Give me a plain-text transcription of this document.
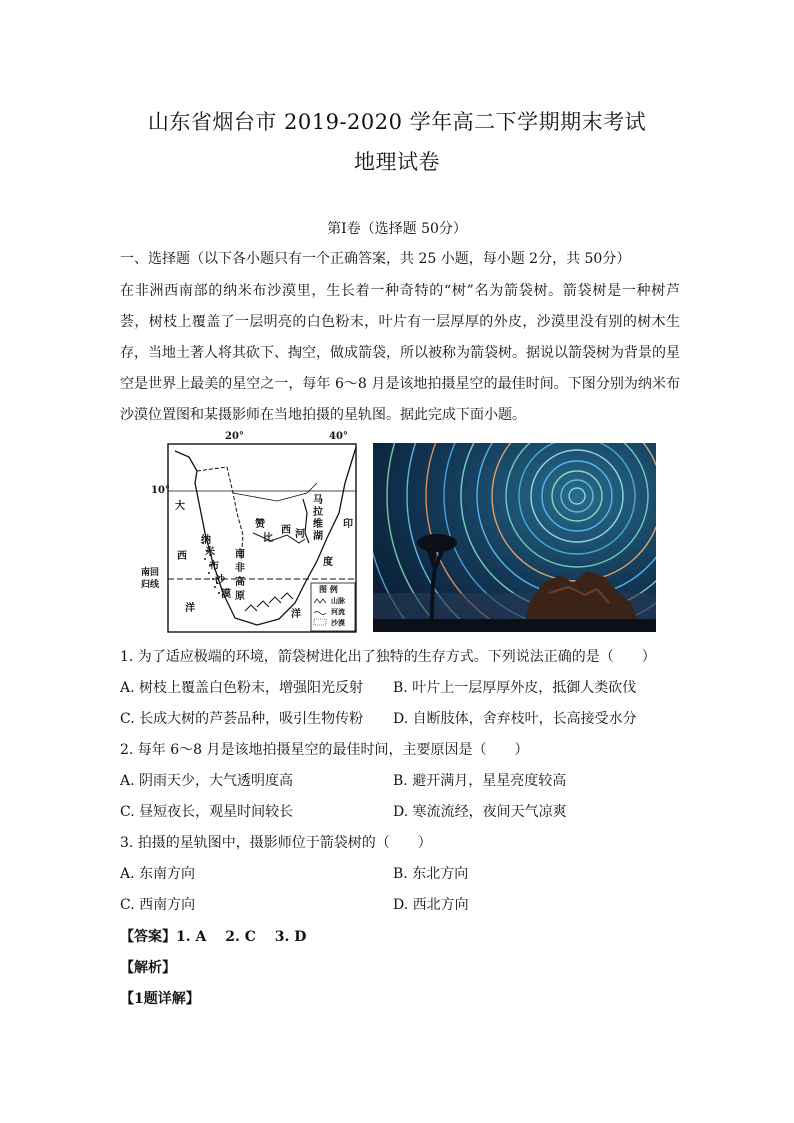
山东省烟台市 2019-2020 学年高二下学期期末考试
地理试卷
第Ⅰ卷（选择题 50分）
一、选择题（以下各小题只有一个正确答案，共 25 小题，每小题 2分，共 50分）
在非洲西南部的纳米布沙漠里，生长着一种奇特的“树”名为箭袋树。箭袋树是一种树芦荟，树枝上覆盖了一层明亮的白色粉末，叶片有一层厚厚的外皮，沙漠里没有别的树木生存，当地土著人将其砍下、掏空，做成箭袋，所以被称为箭袋树。据说以箭袋树为背景的星空是世界上最美的星空之一，每年 6～8 月是该地拍摄星空的最佳时间。下图分别为纳米布沙漠位置图和某摄影师在当地拍摄的星轨图。据此完成下面小题。
20°	40°
10°
南回
归线
大
西
洋
印
度
洋
纳
米
布
沙
漠
南
非
高
原
赞
比
西 河
马
拉
维
湖
图 例
山脉
河流
沙漠
1. 为了适应极端的环境，箭袋树进化出了独特的生存方式。下列说法正确的是（　　）
A. 树枝上覆盖白色粉末，增强阳光反射 B. 叶片上一层厚厚外皮，抵御人类砍伐
C. 长成大树的芦荟品种，吸引生物传粉 D. 自断肢体，舍弃枝叶，长高接受水分
2. 每年 6～8 月是该地拍摄星空的最佳时间，主要原因是（　　）
A. 阴雨天少，大气透明度高	B. 避开满月，星星亮度较高
C. 昼短夜长，观星时间较长	D. 寒流流经，夜间天气凉爽
3. 拍摄的星轨图中，摄影师位于箭袋树的（　　）
A. 东南方向	B. 东北方向
C. 西南方向	D. 西北方向
【答案】1. A　 2. C　 3. D
【解析】
【1题详解】
